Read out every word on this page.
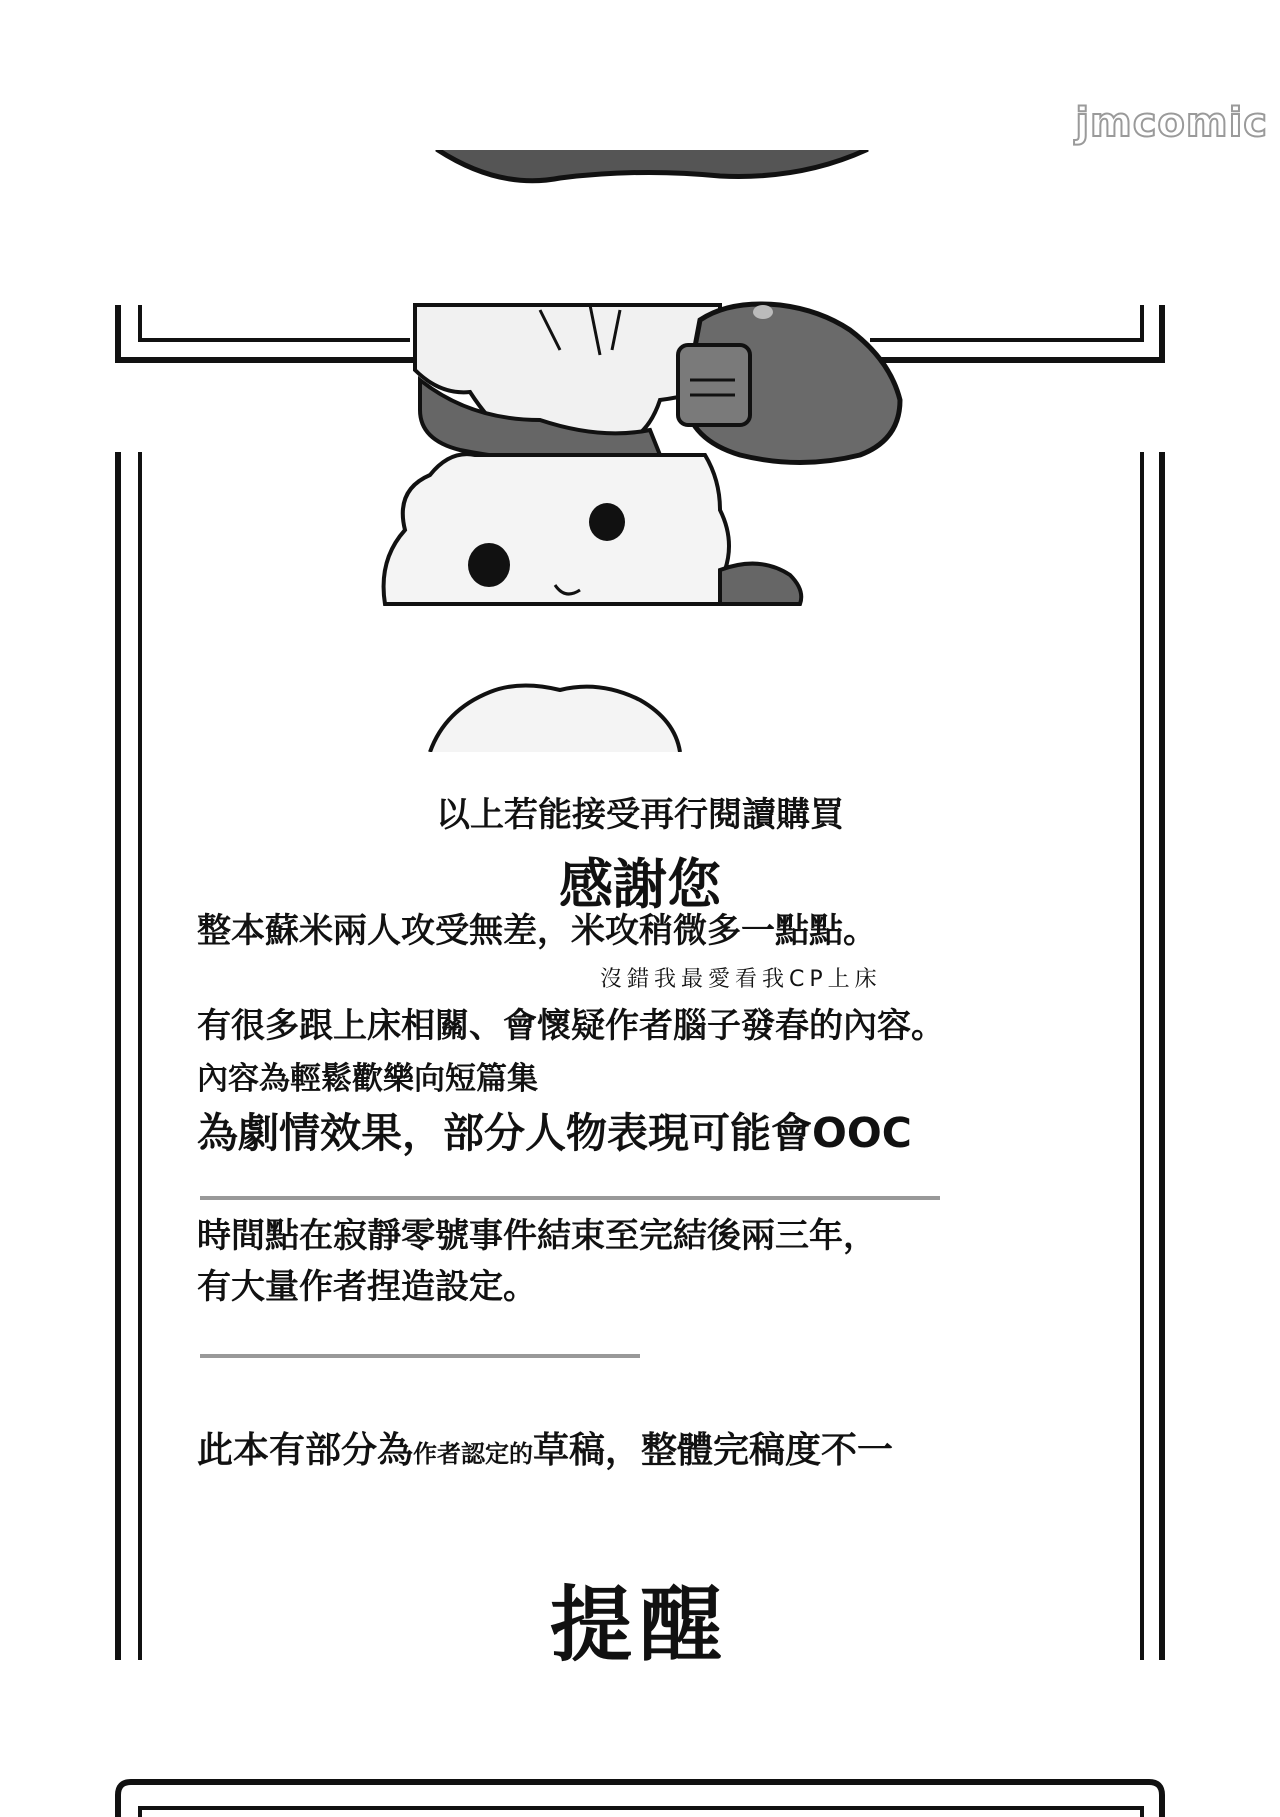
jmcomic
以上若能接受再行閱讀購買
感謝您
整本蘇米兩人攻受無差，米攻稍微多一點點。
沒錯我最愛看我CP上床
有很多跟上床相關、會懷疑作者腦子發春的內容。
內容為輕鬆歡樂向短篇集
為劇情效果，部分人物表現可能會OOC
時間點在寂靜零號事件結束至完結後兩三年，
有大量作者捏造設定。
此本有部分為作者認定的草稿，整體完稿度不一
提醒
